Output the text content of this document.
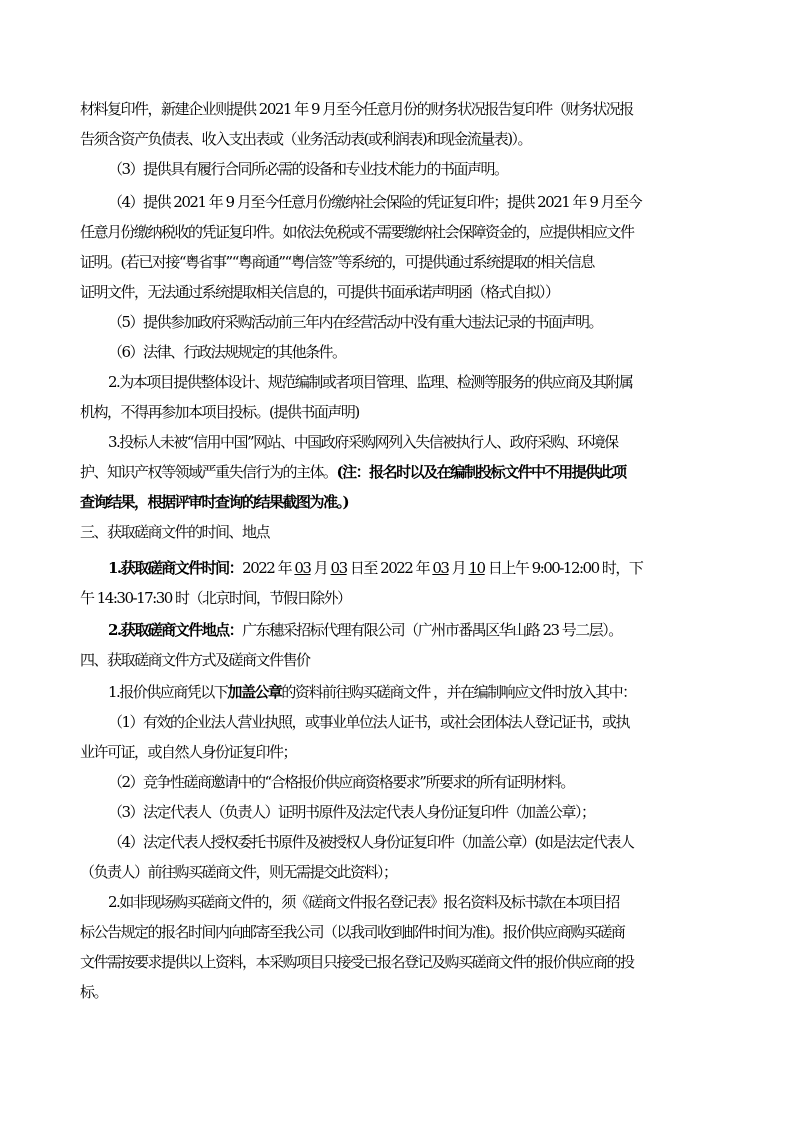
材料复印件，新建企业则提供 2021 年 9 月至今任意月份的财务状况报告复印件（财务状况报
告须含资产负债表、收入支出表或（业务活动表(或利润表)和现金流量表)）。
（3）提供具有履行合同所必需的设备和专业技术能力的书面声明。
（4）提供 2021 年 9 月至今任意月份缴纳社会保险的凭证复印件；提供 2021 年 9 月至今
任意月份缴纳税收的凭证复印件。如依法免税或不需要缴纳社会保障资金的，应提供相应文件
证明。(若已对接“粤省事”“粤商通”“粤信签”等系统的，可提供通过系统提取的相关信息
证明文件，无法通过系统提取相关信息的，可提供书面承诺声明函（格式自拟））
（5）提供参加政府采购活动前三年内在经营活动中没有重大违法记录的书面声明。
（6）法律、行政法规规定的其他条件。
2.为本项目提供整体设计、规范编制或者项目管理、监理、检测等服务的供应商及其附属
机构，不得再参加本项目投标。(提供书面声明)
3.投标人未被“信用中国”网站、中国政府采购网列入失信被执行人、政府采购、环境保
护、知识产权等领域严重失信行为的主体。(注：报名时以及在编制投标文件中不用提供此项
查询结果，根据评审时查询的结果截图为准。)
三、获取磋商文件的时间、地点
1.获取磋商文件时间：2022 年 03 月 03 日至 2022 年 03 月 10 日上午 9:00-12:00 时，下
午 14:30-17:30 时（北京时间，节假日除外）
2.获取磋商文件地点：广东穗采招标代理有限公司（广州市番禺区华山路 23 号二层）。
四、获取磋商文件方式及磋商文件售价
1.报价供应商凭以下加盖公章的资料前往购买磋商文件 ，并在编制响应文件时放入其中：
（1）有效的企业法人营业执照，或事业单位法人证书，或社会团体法人登记证书，或执
业许可证，或自然人身份证复印件；
（2）竞争性磋商邀请中的“合格报价供应商资格要求”所要求的所有证明材料。
（3）法定代表人（负责人）证明书原件及法定代表人身份证复印件（加盖公章）；
（4）法定代表人授权委托书原件及被授权人身份证复印件（加盖公章）(如是法定代表人
（负责人）前往购买磋商文件，则无需提交此资料）；
2.如非现场购买磋商文件的，须《磋商文件报名登记表》报名资料及标书款在本项目招
标公告规定的报名时间内向邮寄至我公司（以我司收到邮件时间为准)。报价供应商购买磋商
文件需按要求提供以上资料，本采购项目只接受已报名登记及购买磋商文件的报价供应商的投
标。
